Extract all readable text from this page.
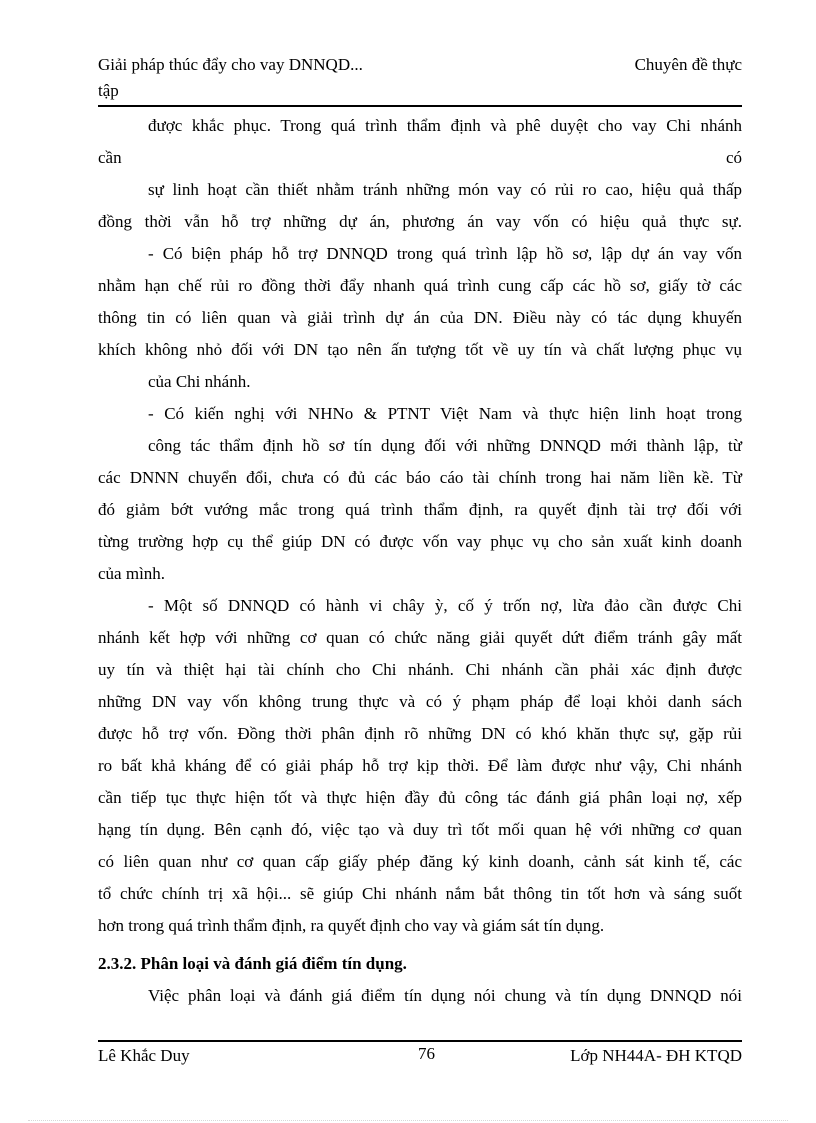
Giải pháp thúc đẩy cho vay DNNQD...	Chuyên đề thực
tập
được khắc phục. Trong quá trình thẩm định và phê duyệt cho vay Chi nhánh
cần	có
sự linh hoạt cần thiết nhằm tránh những món vay có rủi ro cao, hiệu quả thấp
đồng thời vẫn hỗ trợ những dự án, phương án vay vốn có hiệu quả thực sự.
- Có biện pháp hỗ trợ DNNQD trong quá trình lập hồ sơ, lập dự án vay vốn
nhằm hạn chế rủi ro đồng thời đẩy nhanh quá trình cung cấp các hồ sơ, giấy tờ các
thông tin có liên quan và giải trình dự án của DN. Điều này có tác dụng khuyến
khích không nhỏ đối với DN tạo nên ấn tượng tốt về uy tín và chất lượng phục vụ
của Chi nhánh.
- Có kiến nghị với NHNo & PTNT Việt Nam và thực hiện linh hoạt trong
công tác thẩm định hồ sơ tín dụng đối với những DNNQD mới thành lập, từ
các DNNN chuyển đổi, chưa có đủ các báo cáo tài chính trong hai năm liền kề. Từ
đó giảm bớt vướng mắc trong quá trình thẩm định, ra quyết định tài trợ đối với
từng trường hợp cụ thể giúp DN có được vốn vay phục vụ cho sản xuất kinh doanh
của mình.
- Một số DNNQD có hành vi chây ỳ, cố ý trốn nợ, lừa đảo cần được Chi
nhánh kết hợp với những cơ quan có chức năng giải quyết dứt điểm tránh gây mất
uy tín và thiệt hại tài chính cho Chi nhánh. Chi nhánh cần phải xác định được
những DN vay vốn không trung thực và có ý phạm pháp để loại khỏi danh sách
được hỗ trợ vốn. Đồng thời phân định rõ những DN có khó khăn thực sự, gặp rủi
ro bất khả kháng để có giải pháp hỗ trợ kịp thời. Để làm được như vậy, Chi nhánh
cần tiếp tục thực hiện tốt và thực hiện đầy đủ công tác đánh giá phân loại nợ, xếp
hạng tín dụng. Bên cạnh đó, việc tạo và duy trì tốt mối quan hệ với những cơ quan
có liên quan như cơ quan cấp giấy phép đăng ký kinh doanh, cảnh sát kinh tế, các
tổ chức chính trị xã hội... sẽ giúp Chi nhánh nắm bắt thông tin tốt hơn và sáng suốt
hơn trong quá trình thẩm định, ra quyết định cho vay và giám sát tín dụng.
2.3.2. Phân loại và đánh giá điểm tín dụng.
Việc phân loại và đánh giá điểm tín dụng nói chung và tín dụng DNNQD nói
Lê Khắc Duy	76	Lớp NH44A- ĐH KTQD
